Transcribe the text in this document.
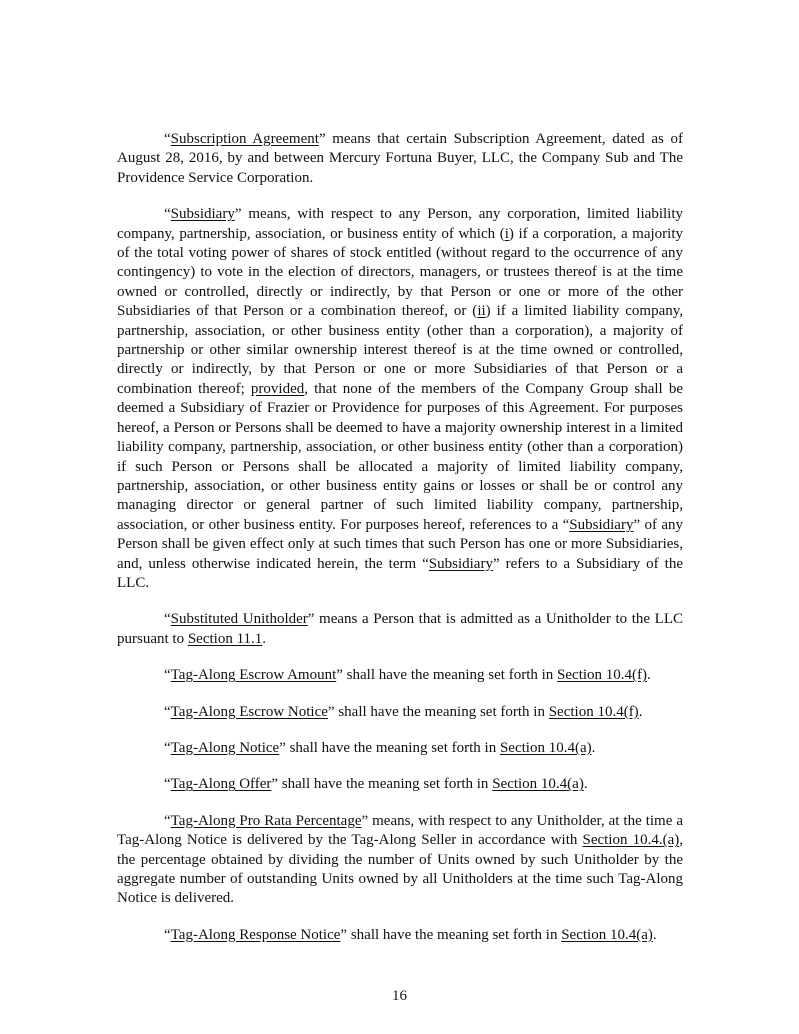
“Subscription Agreement” means that certain Subscription Agreement, dated as of August 28, 2016, by and between Mercury Fortuna Buyer, LLC, the Company Sub and The Providence Service Corporation.

“Subsidiary” means, with respect to any Person, any corporation, limited liability company, partnership, association, or business entity of which (i) if a corporation, a majority of the total voting power of shares of stock entitled (without regard to the occurrence of any contingency) to vote in the election of directors, managers, or trustees thereof is at the time owned or controlled, directly or indirectly, by that Person or one or more of the other Subsidiaries of that Person or a combination thereof, or (ii) if a limited liability company, partnership, association, or other business entity (other than a corporation), a majority of partnership or other similar ownership interest thereof is at the time owned or controlled, directly or indirectly, by that Person or one or more Subsidiaries of that Person or a combination thereof; provided, that none of the members of the Company Group shall be deemed a Subsidiary of Frazier or Providence for purposes of this Agreement. For purposes hereof, a Person or Persons shall be deemed to have a majority ownership interest in a limited liability company, partnership, association, or other business entity (other than a corporation) if such Person or Persons shall be allocated a majority of limited liability company, partnership, association, or other business entity gains or losses or shall be or control any managing director or general partner of such limited liability company, partnership, association, or other business entity. For purposes hereof, references to a “Subsidiary” of any Person shall be given effect only at such times that such Person has one or more Subsidiaries, and, unless otherwise indicated herein, the term “Subsidiary” refers to a Subsidiary of the LLC.

“Substituted Unitholder” means a Person that is admitted as a Unitholder to the LLC pursuant to Section 11.1.

“Tag-Along Escrow Amount” shall have the meaning set forth in Section 10.4(f).

“Tag-Along Escrow Notice” shall have the meaning set forth in Section 10.4(f).

“Tag-Along Notice” shall have the meaning set forth in Section 10.4(a).

“Tag-Along Offer” shall have the meaning set forth in Section 10.4(a).

“Tag-Along Pro Rata Percentage” means, with respect to any Unitholder, at the time a Tag-Along Notice is delivered by the Tag-Along Seller in accordance with Section 10.4.(a), the percentage obtained by dividing the number of Units owned by such Unitholder by the aggregate number of outstanding Units owned by all Unitholders at the time such Tag-Along Notice is delivered.

“Tag-Along Response Notice” shall have the meaning set forth in Section 10.4(a).

16
